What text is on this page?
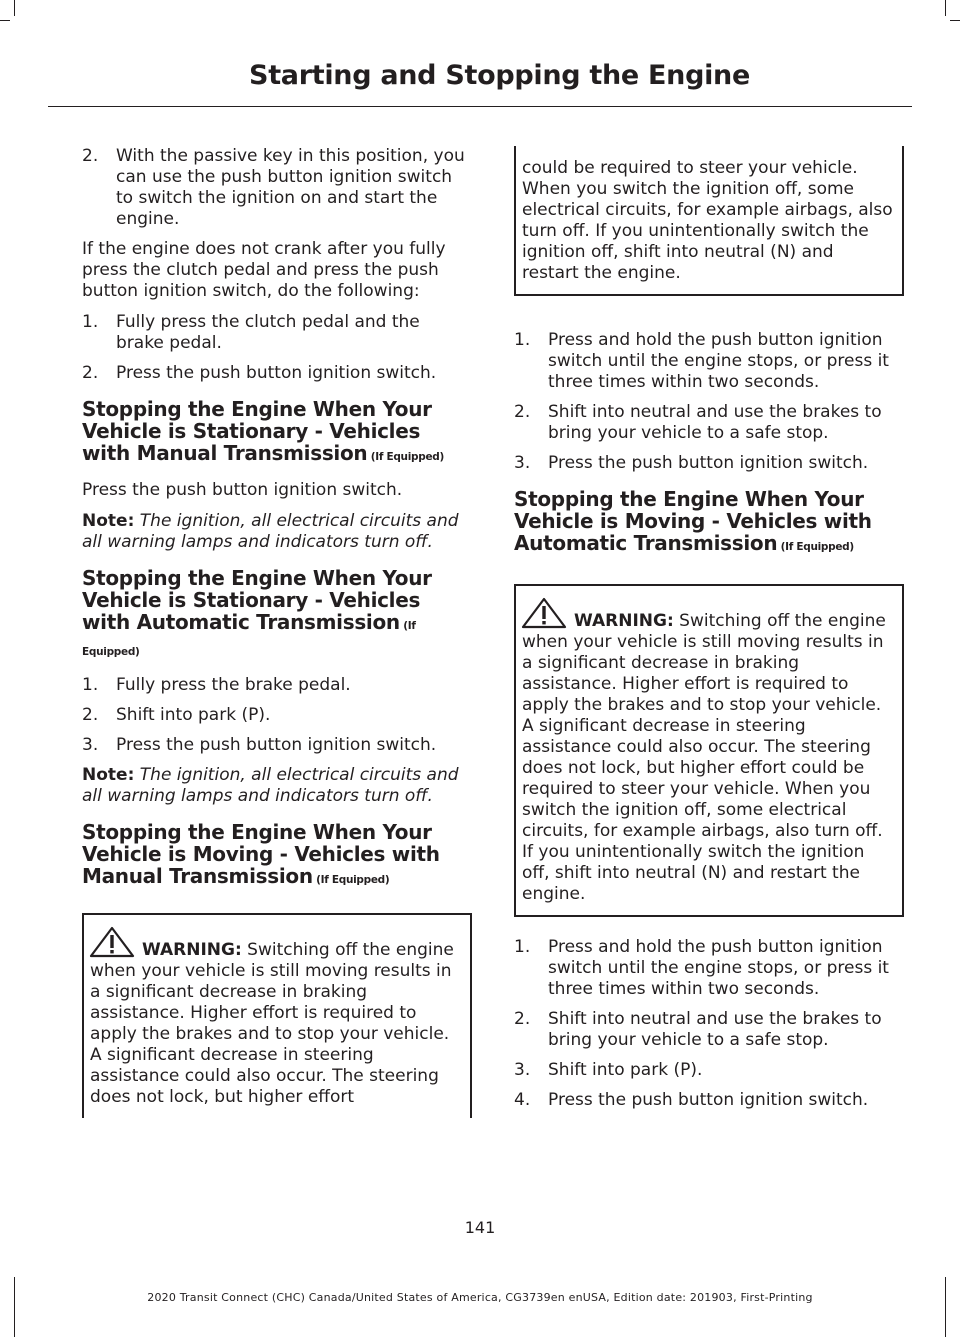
Starting and Stopping the Engine
2. With the passive key in this position, you can use the push button ignition switch to switch the ignition on and start the engine.

If the engine does not crank after you fully press the clutch pedal and press the push button ignition switch, do the following:

1. Fully press the clutch pedal and the brake pedal.
2. Press the push button ignition switch.
Stopping the Engine When Your Vehicle is Stationary - Vehicles with Manual Transmission (If Equipped)

Press the push button ignition switch.

Note: The ignition, all electrical circuits and all warning lamps and indicators turn off.

Stopping the Engine When Your Vehicle is Stationary - Vehicles with Automatic Transmission (If Equipped)
1. Fully press the brake pedal.
2. Shift into park (P).
3. Press the push button ignition switch.

Note: The ignition, all electrical circuits and all warning lamps and indicators turn off.

Stopping the Engine When Your Vehicle is Moving - Vehicles with Manual Transmission (If Equipped)
WARNING: Switching off the engine when your vehicle is still moving results in a significant decrease in braking assistance. Higher effort is required to apply the brakes and to stop your vehicle. A significant decrease in steering assistance could also occur. The steering does not lock, but higher effort
could be required to steer your vehicle. When you switch the ignition off, some electrical circuits, for example airbags, also turn off. If you unintentionally switch the ignition off, shift into neutral (N) and restart the engine.
1. Press and hold the push button ignition switch until the engine stops, or press it three times within two seconds.
2. Shift into neutral and use the brakes to bring your vehicle to a safe stop.
3. Press the push button ignition switch.
Stopping the Engine When Your Vehicle is Moving - Vehicles with Automatic Transmission (If Equipped)
WARNING: Switching off the engine when your vehicle is still moving results in a significant decrease in braking assistance. Higher effort is required to apply the brakes and to stop your vehicle. A significant decrease in steering assistance could also occur. The steering does not lock, but higher effort could be required to steer your vehicle. When you switch the ignition off, some electrical circuits, for example airbags, also turn off. If you unintentionally switch the ignition off, shift into neutral (N) and restart the engine.
1. Press and hold the push button ignition switch until the engine stops, or press it three times within two seconds.
2. Shift into neutral and use the brakes to bring your vehicle to a safe stop.
3. Shift into park (P).
4. Press the push button ignition switch.
141
2020 Transit Connect (CHC) Canada/United States of America, CG3739en enUSA, Edition date: 201903, First-Printing
